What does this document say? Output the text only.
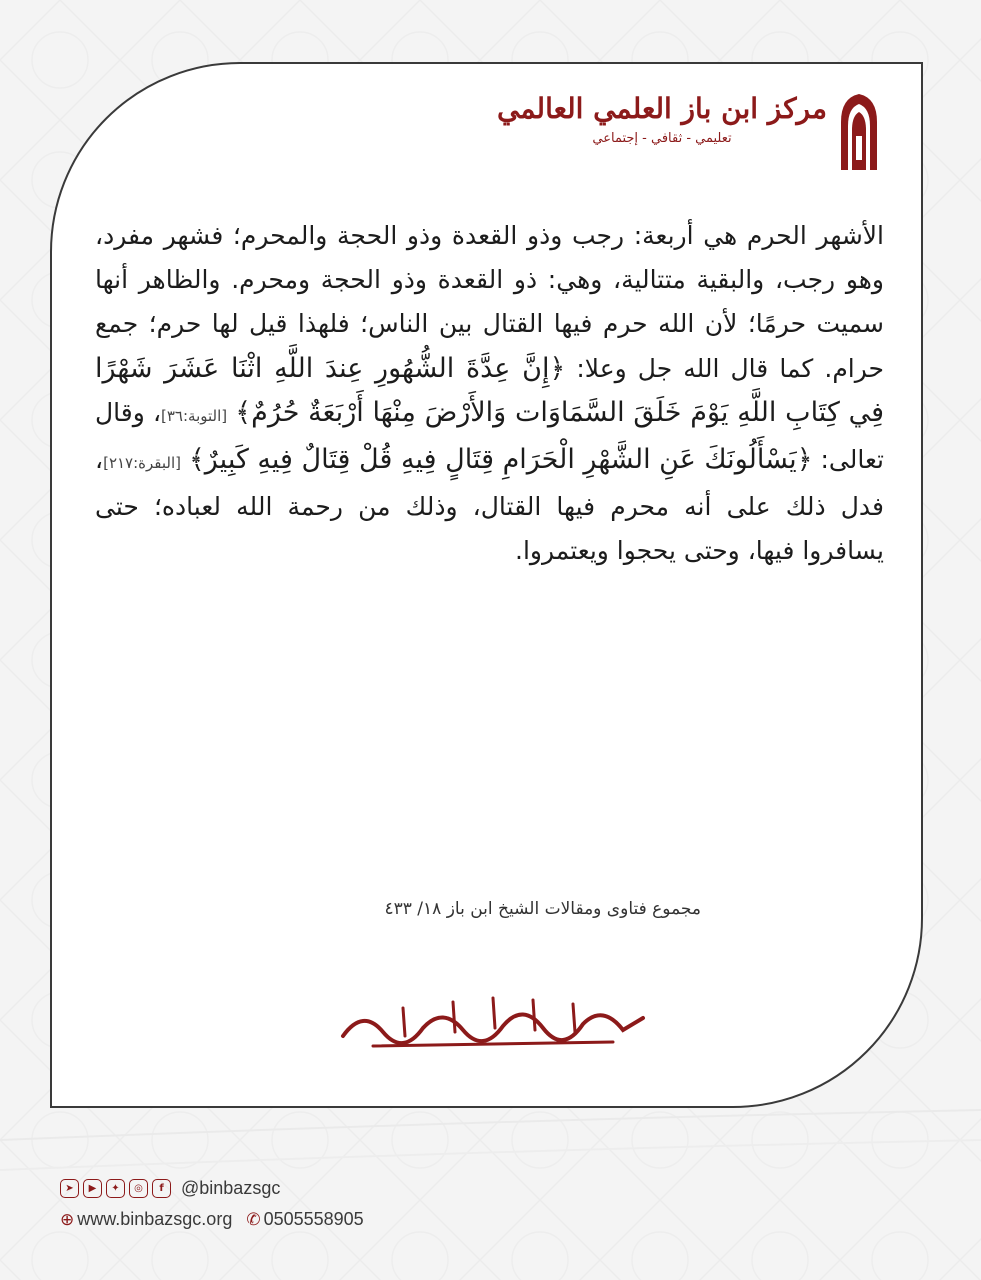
مركز ابن باز العلمي العالمي
تعليمي - ثقافي - إجتماعي
الأشهر الحرم هي أربعة: رجب وذو القعدة وذو الحجة والمحرم؛ فشهر مفرد، وهو رجب، والبقية متتالية، وهي: ذو القعدة وذو الحجة ومحرم. والظاهر أنها سميت حرمًا؛ لأن الله حرم فيها القتال بين الناس؛ فلهذا قيل لها حرم؛ جمع حرام. كما قال الله جل وعلا: ﴿إِنَّ عِدَّةَ الشُّهُورِ عِندَ اللَّهِ اثْنَا عَشَرَ شَهْرًا فِي كِتَابِ اللَّهِ يَوْمَ خَلَقَ السَّمَاوَات وَالأَرْضَ مِنْهَا أَرْبَعَةٌ حُرُمٌ﴾ [التوبة:٣٦]، وقال تعالى: ﴿يَسْأَلُونَكَ عَنِ الشَّهْرِ الْحَرَامِ قِتَالٍ فِيهِ قُلْ قِتَالٌ فِيهِ كَبِيرٌ﴾ [البقرة:٢١٧]، فدل ذلك على أنه محرم فيها القتال، وذلك من رحمة الله لعباده؛ حتى يسافروا فيها، وحتى يحجوا ويعتمروا.
مجموع فتاوى ومقالات الشيخ ابن باز ١٨/ ٤٣٣
➤	▶	✦	◎	f @binbazsgc
⊕ www.binbazsgc.org ✆ 0505558905
